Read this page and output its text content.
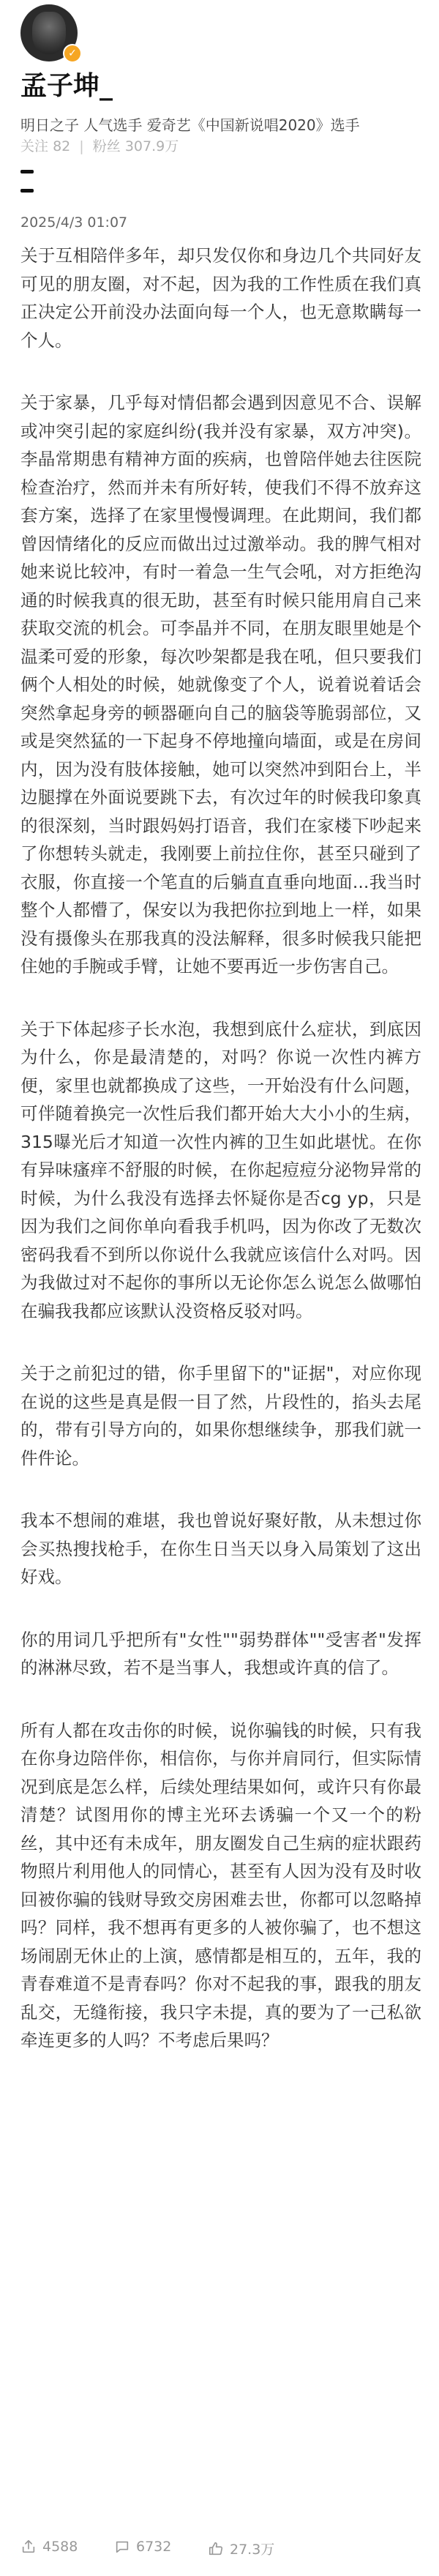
✓
孟子坤_
明日之子 人气选手 爱奇艺《中国新说唱2020》选手
关注 82 | 粉丝 307.9万
2025/4/3 01:07

关于互相陪伴多年，却只发仅你和身边几个共同好友可见的朋友圈，对不起，因为我的工作性质在我们真正决定公开前没办法面向每一个人，也无意欺瞒每一个人。

关于家暴，几乎每对情侣都会遇到因意见不合、误解或冲突引起的家庭纠纷(我并没有家暴，双方冲突)。李晶常期患有精神方面的疾病，也曾陪伴她去往医院检查治疗，然而并未有所好转，使我们不得不放弃这套方案，选择了在家里慢慢调理。在此期间，我们都曾因情绪化的反应而做出过过激举动。我的脾气相对她来说比较冲，有时一着急一生气会吼，对方拒绝沟通的时候我真的很无助，甚至有时候只能用肩自己来获取交流的机会。可李晶并不同，在朋友眼里她是个温柔可爱的形象，每次吵架都是我在吼，但只要我们俩个人相处的时候，她就像变了个人，说着说着话会突然拿起身旁的顿器砸向自己的脑袋等脆弱部位，又或是突然猛的一下起身不停地撞向墙面，或是在房间内，因为没有肢体接触，她可以突然冲到阳台上，半边腿撑在外面说要跳下去，有次过年的时候我印象真的很深刻，当时跟妈妈打语音，我们在家楼下吵起来了你想转头就走，我刚要上前拉住你，甚至只碰到了衣服，你直接一个笔直的后躺直直垂向地面...我当时整个人都懵了，保安以为我把你拉到地上一样，如果没有摄像头在那我真的没法解释，很多时候我只能把住她的手腕或手臂，让她不要再近一步伤害自己。

关于下体起疹子长水泡，我想到底什么症状，到底因为什么，你是最清楚的，对吗？你说一次性内裤方便，家里也就都换成了这些，一开始没有什么问题，可伴随着换完一次性后我们都开始大大小小的生病，315曝光后才知道一次性内裤的卫生如此堪忧。在你有异味瘙痒不舒服的时候，在你起痘痘分泌物异常的时候，为什么我没有选择去怀疑你是否cg yp，只是因为我们之间你单向看我手机吗，因为你改了无数次密码我看不到所以你说什么我就应该信什么对吗。因为我做过对不起你的事所以无论你怎么说怎么做哪怕在骗我我都应该默认没资格反驳对吗。

关于之前犯过的错，你手里留下的"证据"，对应你现在说的这些是真是假一目了然，片段性的，掐头去尾的，带有引导方向的，如果你想继续争，那我们就一件件论。

我本不想闹的难堪，我也曾说好聚好散，从未想过你会买热搜找枪手，在你生日当天以身入局策划了这出好戏。

你的用词几乎把所有"女性""弱势群体""受害者"发挥的淋淋尽致，若不是当事人，我想或许真的信了。

所有人都在攻击你的时候，说你骗钱的时候，只有我在你身边陪伴你，相信你，与你并肩同行，但实际情况到底是怎么样，后续处理结果如何，或许只有你最清楚？试图用你的博主光环去诱骗一个又一个的粉丝，其中还有未成年，朋友圈发自己生病的症状跟药物照片利用他人的同情心，甚至有人因为没有及时收回被你骗的钱财导致交房困难去世，你都可以忽略掉吗？同样，我不想再有更多的人被你骗了，也不想这场闹剧无休止的上演，感情都是相互的，五年，我的青春难道不是青春吗？你对不起我的事，跟我的朋友乱交，无缝衔接，我只字未提，真的要为了一己私欲牵连更多的人吗？不考虑后果吗？

4588	6732	27.3万
